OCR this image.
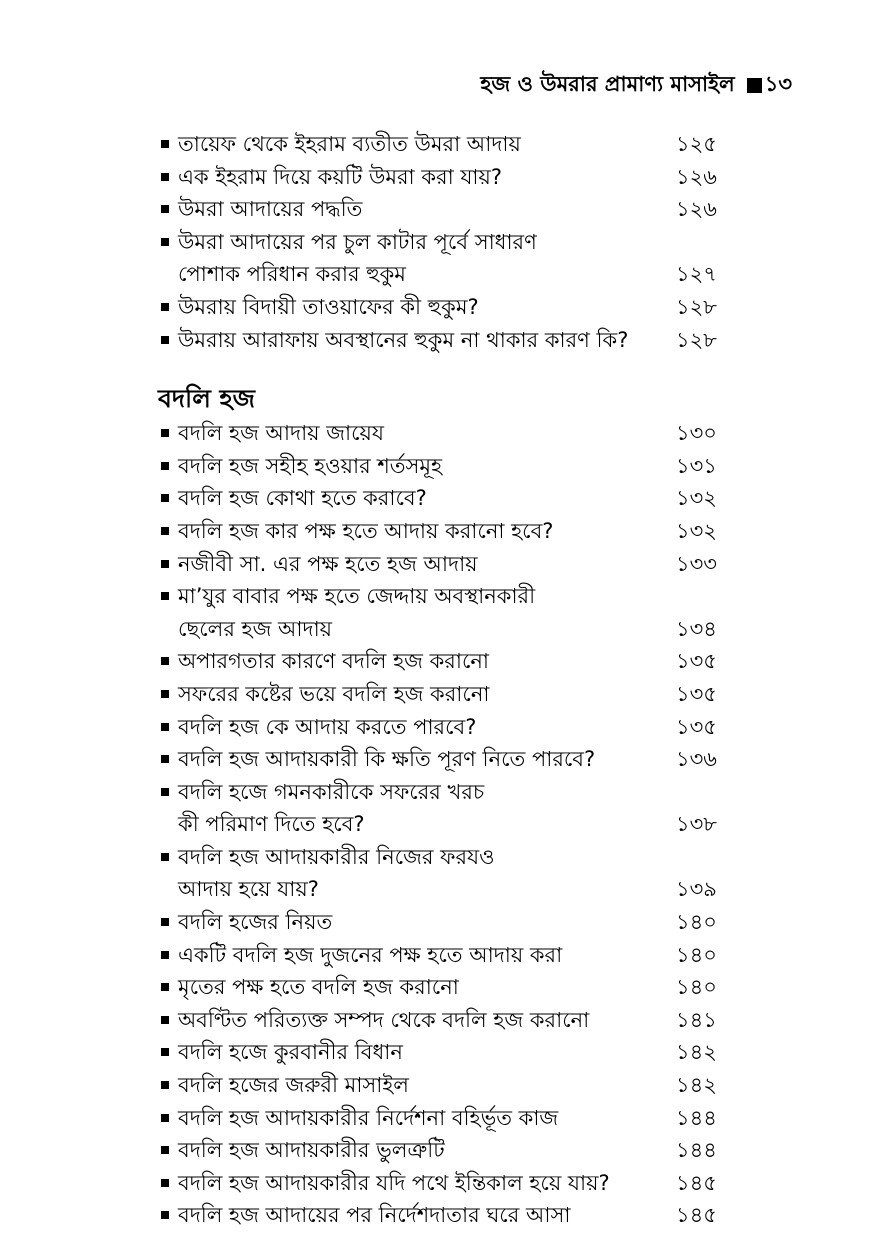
হজ ও উমরার প্রামাণ্য মাসাইল ১৩
তায়েফ থেকে ইহরাম ব্যতীত উমরা আদায়	১২৫
এক ইহরাম দিয়ে কয়টি উমরা করা যায়?	১২৬
উমরা আদায়ের পদ্ধতি	১২৬
উমরা আদায়ের পর চুল কাটার পূর্বে সাধারণ
পোশাক পরিধান করার হুকুম	১২৭
উমরায় বিদায়ী তাওয়াফের কী হুকুম?	১২৮
উমরায় আরাফায় অবস্থানের হুকুম না থাকার কারণ কি?	১২৮
বদলি হজ
বদলি হজ আদায় জায়েয	১৩০
বদলি হজ সহীহ হওয়ার শর্তসমূহ	১৩১
বদলি হজ কোথা হতে করাবে?	১৩২
বদলি হজ কার পক্ষ হতে আদায় করানো হবে?	১৩২
নজীবী সা. এর পক্ষ হতে হজ আদায়	১৩৩
মা’যুর বাবার পক্ষ হতে জেদ্দায় অবস্থানকারী
ছেলের হজ আদায়	১৩৪
অপারগতার কারণে বদলি হজ করানো	১৩৫
সফরের কষ্টের ভয়ে বদলি হজ করানো	১৩৫
বদলি হজ কে আদায় করতে পারবে?	১৩৫
বদলি হজ আদায়কারী কি ক্ষতি পূরণ নিতে পারবে?	১৩৬
বদলি হজে গমনকারীকে সফরের খরচ
কী পরিমাণ দিতে হবে?	১৩৮
বদলি হজ আদায়কারীর নিজের ফরযও
আদায় হয়ে যায়?	১৩৯
বদলি হজের নিয়ত	১৪০
একটি বদলি হজ দুজনের পক্ষ হতে আদায় করা	১৪০
মৃতের পক্ষ হতে বদলি হজ করানো	১৪০
অবণ্টিত পরিত্যক্ত সম্পদ থেকে বদলি হজ করানো	১৪১
বদলি হজে কুরবানীর বিধান	১৪২
বদলি হজের জরুরী মাসাইল	১৪২
বদলি হজ আদায়কারীর নির্দেশনা বহির্ভূত কাজ	১৪৪
বদলি হজ আদায়কারীর ভুলত্রুটি	১৪৪
বদলি হজ আদায়কারীর যদি পথে ইন্তিকাল হয়ে যায়?	১৪৫
বদলি হজ আদায়ের পর নির্দেশদাতার ঘরে আসা	১৪৫
